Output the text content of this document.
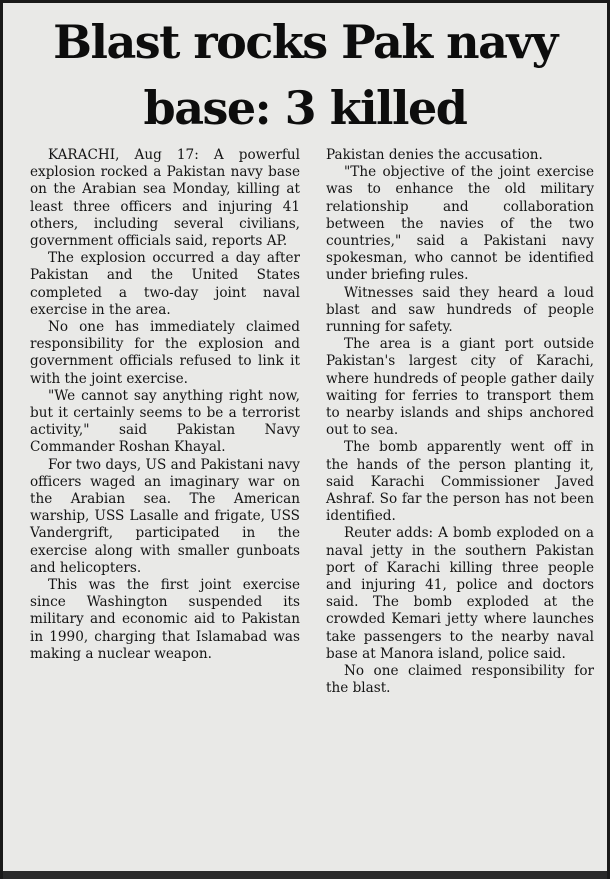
Blast rocks Pak navy
base: 3 killed

KARACHI, Aug 17: A powerful explosion rocked a Pakistan navy base on the Arabian sea Monday, killing at least three officers and injuring 41 others, including several civilians, government officials said, reports AP.

The explosion occurred a day after Pakistan and the United States completed a two-day joint naval exercise in the area.

No one has immediately claimed responsibility for the explosion and government officials refused to link it with the joint exercise.

"We cannot say anything right now, but it certainly seems to be a terrorist activity," said Pakistan Navy Commander Roshan Khayal.

For two days, US and Pakistani navy officers waged an imaginary war on the Arabian sea. The American warship, USS Lasalle and frigate, USS Vandergrift, participated in the exercise along with smaller gunboats and helicopters.

This was the first joint exercise since Washington suspended its military and economic aid to Pakistan in 1990, charging that Islamabad was making a nuclear weapon.

Pakistan denies the accusation.

"The objective of the joint exercise was to enhance the old military relationship and collaboration between the navies of the two countries," said a Pakistani navy spokesman, who cannot be identified under briefing rules.

Witnesses said they heard a loud blast and saw hundreds of people running for safety.

The area is a giant port outside Pakistan's largest city of Karachi, where hundreds of people gather daily waiting for ferries to transport them to nearby islands and ships anchored out to sea.

The bomb apparently went off in the hands of the person planting it, said Karachi Commissioner Javed Ashraf. So far the person has not been identified.

Reuter adds: A bomb exploded on a naval jetty in the southern Pakistan port of Karachi killing three people and injuring 41, police and doctors said. The bomb exploded at the crowded Kemari jetty where launches take passengers to the nearby naval base at Manora island, police said.

No one claimed responsibility for the blast.
